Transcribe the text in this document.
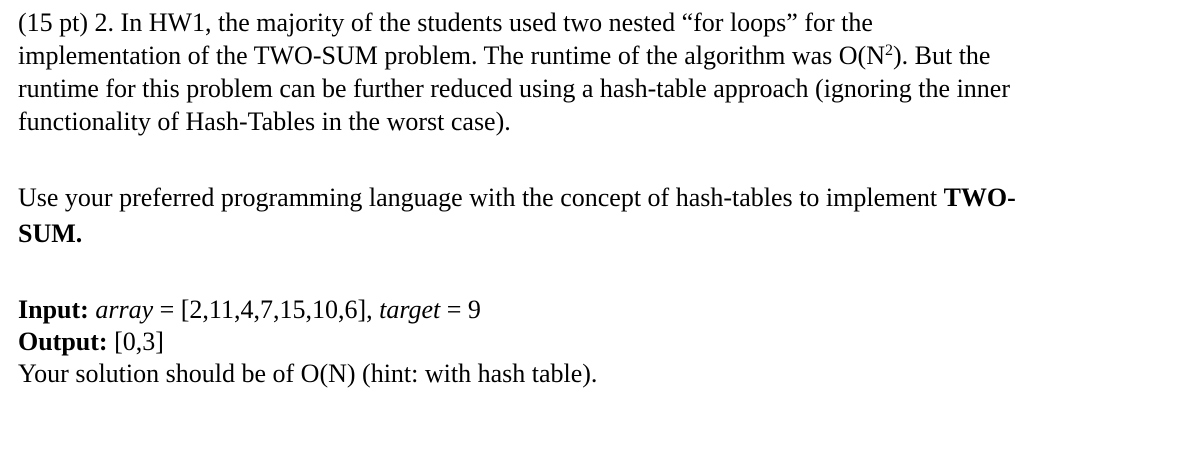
(15 pt) 2. In HW1, the majority of the students used two nested “for loops” for the
implementation of the TWO-SUM problem. The runtime of the algorithm was $O(N^2)$. But the
runtime for this problem can be further reduced using a hash-table approach (ignoring the inner
functionality of Hash-Tables in the worst case).

Use your preferred programming language with the concept of hash-tables to implement TWO-
SUM.

Input: array = [2,11,4,7,15,10,6], target = 9
Output: [0,3]
Your solution should be of O(N) (hint: with hash table).
